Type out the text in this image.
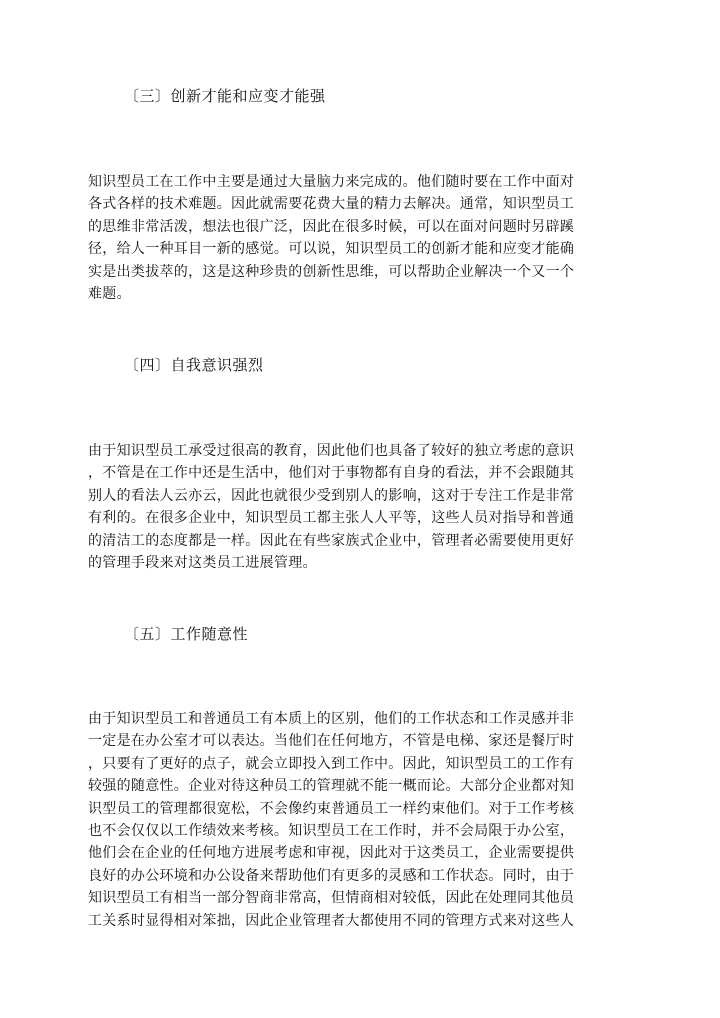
〔三〕创新才能和应变才能强
知识型员工在工作中主要是通过大量脑力来完成的。他们随时要在工作中面对
各式各样的技术难题。因此就需要花费大量的精力去解决。通常，知识型员工
的思维非常活泼，想法也很广泛，因此在很多时候，可以在面对问题时另辟蹊
径，给人一种耳目一新的感觉。可以说，知识型员工的创新才能和应变才能确
实是出类拔萃的，这是这种珍贵的创新性思维，可以帮助企业解决一个又一个
难题。
〔四〕自我意识强烈
由于知识型员工承受过很高的教育，因此他们也具备了较好的独立考虑的意识
，不管是在工作中还是生活中，他们对于事物都有自身的看法，并不会跟随其
别人的看法人云亦云，因此也就很少受到别人的影响，这对于专注工作是非常
有利的。在很多企业中，知识型员工都主张人人平等，这些人员对指导和普通
的清洁工的态度都是一样。因此在有些家族式企业中，管理者必需要使用更好
的管理手段来对这类员工进展管理。
〔五〕工作随意性
由于知识型员工和普通员工有本质上的区别，他们的工作状态和工作灵感并非
一定是在办公室才可以表达。当他们在任何地方，不管是电梯、家还是餐厅时
，只要有了更好的点子，就会立即投入到工作中。因此，知识型员工的工作有
较强的随意性。企业对待这种员工的管理就不能一概而论。大部分企业都对知
识型员工的管理都很宽松，不会像约束普通员工一样约束他们。对于工作考核
也不会仅仅以工作绩效来考核。知识型员工在工作时，并不会局限于办公室，
他们会在企业的任何地方进展考虑和审视，因此对于这类员工，企业需要提供
良好的办公环境和办公设备来帮助他们有更多的灵感和工作状态。同时，由于
知识型员工有相当一部分智商非常高，但情商相对较低，因此在处理同其他员
工关系时显得相对笨拙，因此企业管理者大都使用不同的管理方式来对这些人
